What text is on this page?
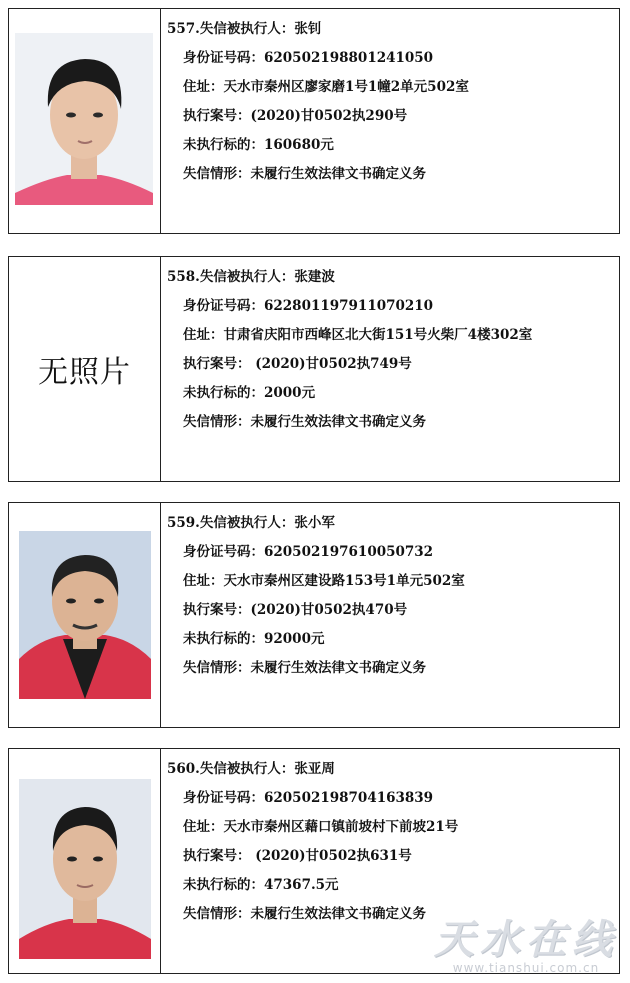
557.失信被执行人：张钊
身份证号码：620502198801241050
住址：天水市秦州区廖家磨1号1幢2单元502室
执行案号：(2020)甘0502执290号
未执行标的：160680元
失信情形：未履行生效法律文书确定义务
无照片
558.失信被执行人：张建波
身份证号码：622801197911070210
住址：甘肃省庆阳市西峰区北大街151号火柴厂4楼302室
执行案号： (2020)甘0502执749号
未执行标的：2000元
失信情形：未履行生效法律文书确定义务
559.失信被执行人：张小军
身份证号码：620502197610050732
住址：天水市秦州区建设路153号1单元502室
执行案号：(2020)甘0502执470号
未执行标的：92000元
失信情形：未履行生效法律文书确定义务
560.失信被执行人：张亚周
身份证号码：620502198704163839
住址：天水市秦州区藉口镇前坡村下前坡21号
执行案号： (2020)甘0502执631号
未执行标的：47367.5元
失信情形：未履行生效法律文书确定义务
天水在线
www.tianshui.com.cn
